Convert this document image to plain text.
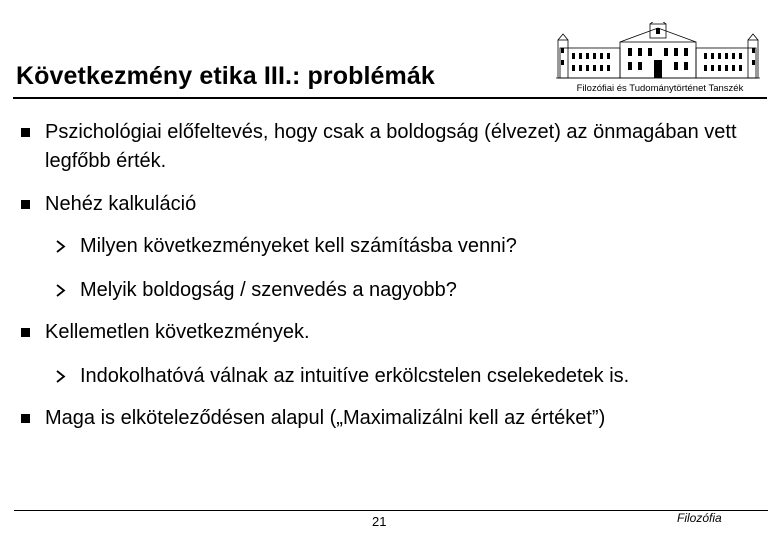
Következmény etika III.: problémák	Filozófiai és Tudománytörténet Tanszék
Pszichológiai előfeltevés, hogy csak a boldogság (élvezet) az önmagában vett legfőbb érték.
Nehéz kalkuláció
Milyen következményeket kell számításba venni?
Melyik boldogság / szenvedés a nagyobb?
Kellemetlen következmények.
Indokolhatóvá válnak az intuitíve erkölcstelen cselekedetek is.
Maga is elköteleződésen alapul („Maximalizálni kell az értéket”)
21	Filozófia
